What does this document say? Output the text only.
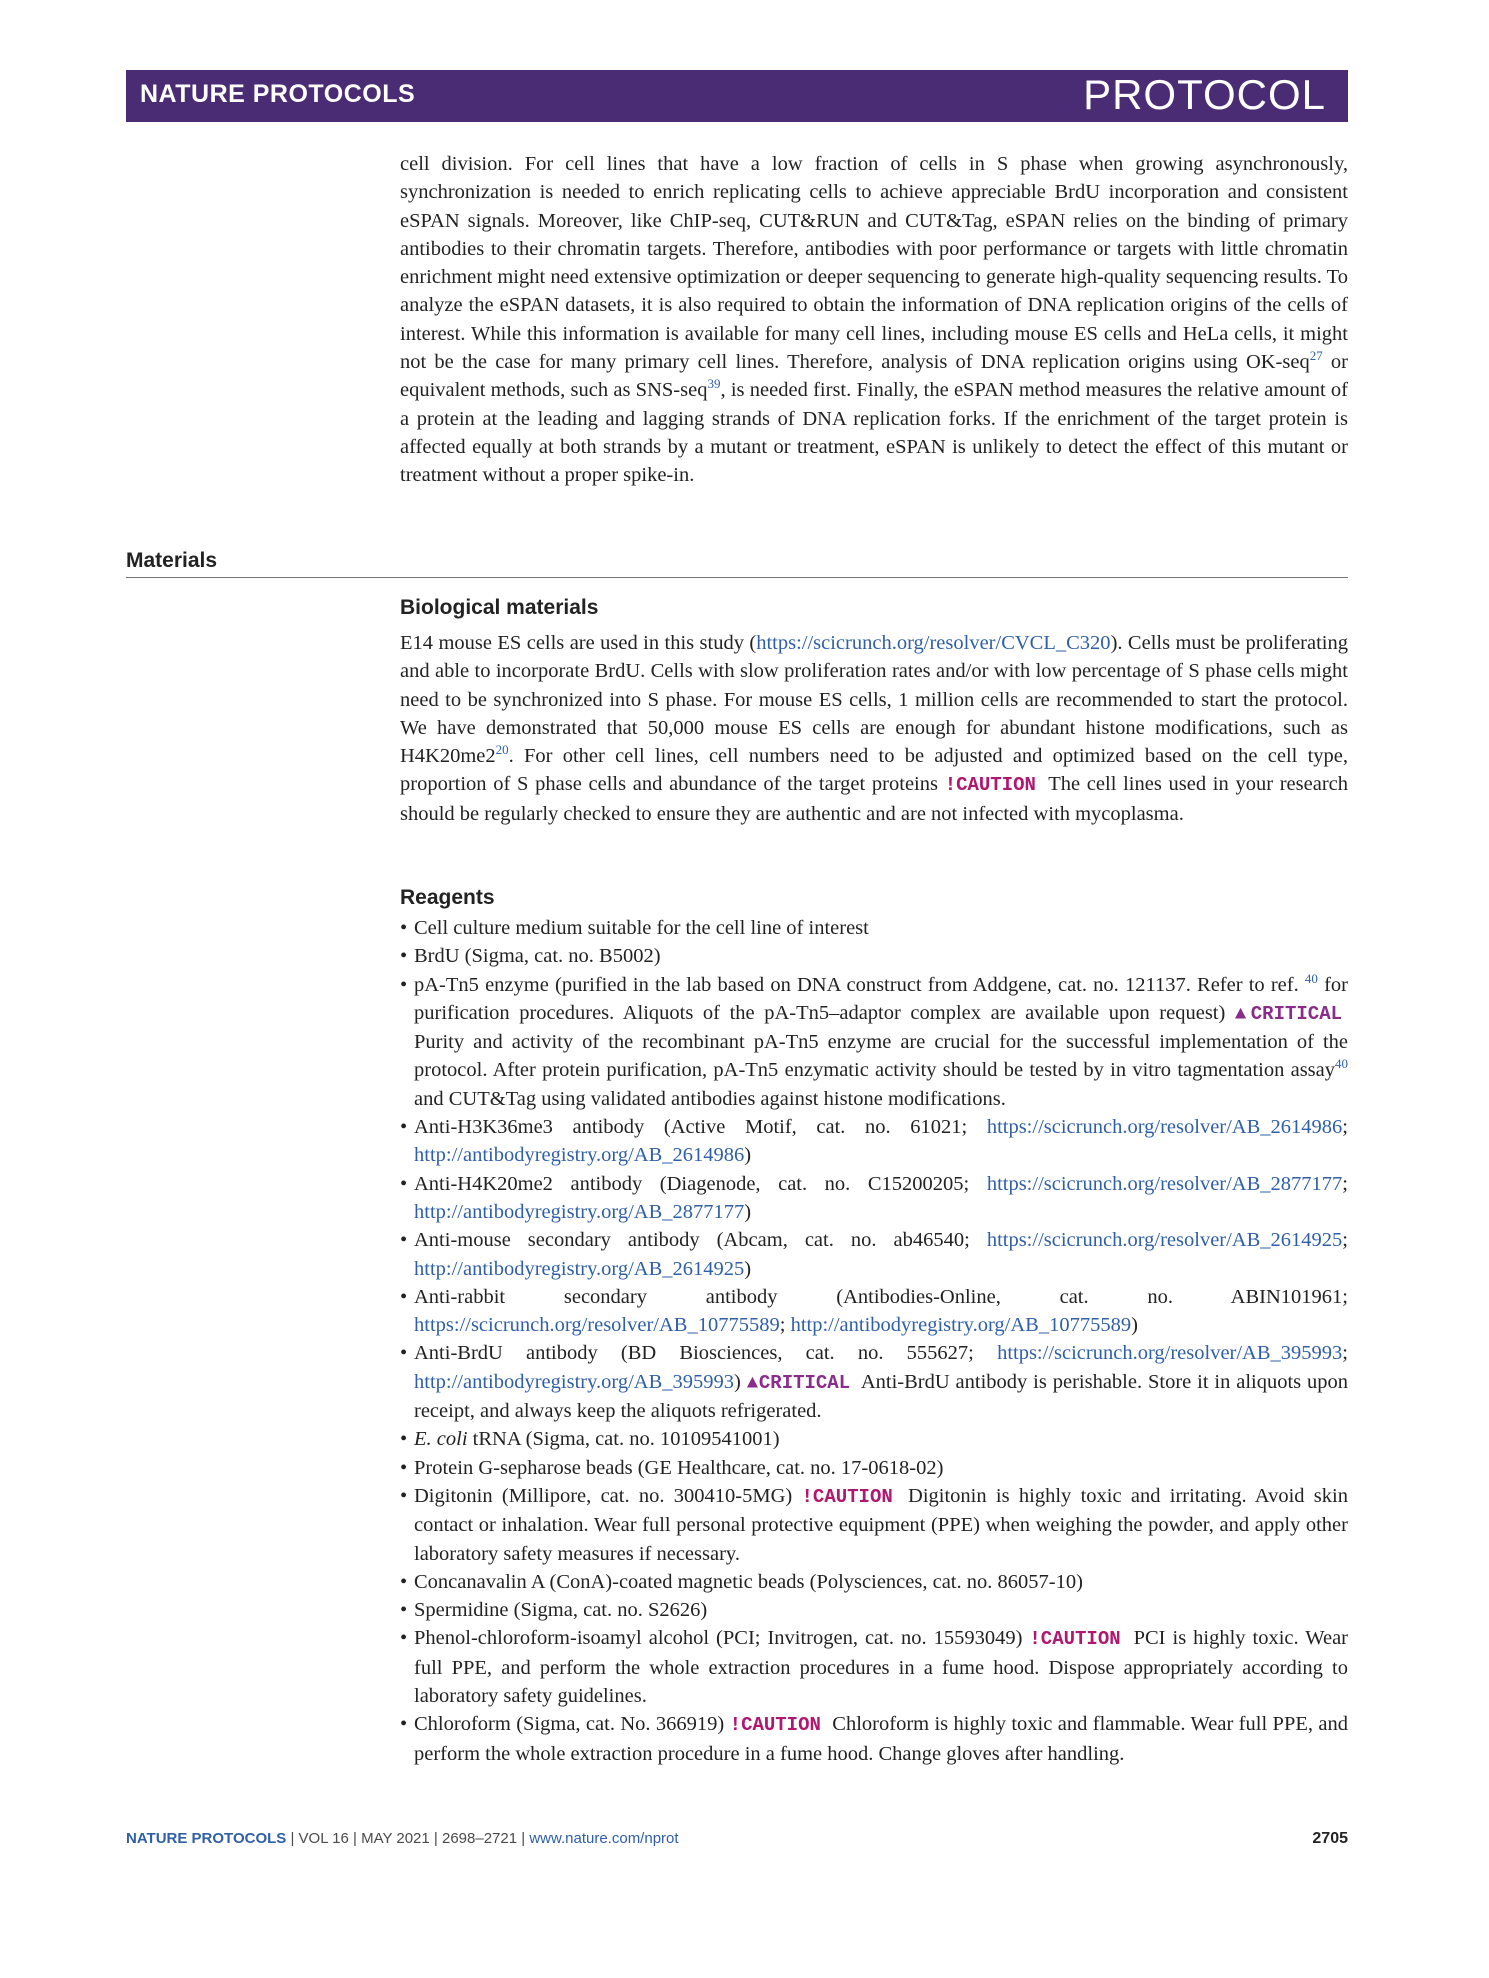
NATURE PROTOCOLS	PROTOCOL
cell division. For cell lines that have a low fraction of cells in S phase when growing asynchronously, synchronization is needed to enrich replicating cells to achieve appreciable BrdU incorporation and consistent eSPAN signals. Moreover, like ChIP-seq, CUT&RUN and CUT&Tag, eSPAN relies on the binding of primary antibodies to their chromatin targets. Therefore, antibodies with poor performance or targets with little chromatin enrichment might need extensive optimization or deeper sequencing to generate high-quality sequencing results. To analyze the eSPAN datasets, it is also required to obtain the information of DNA replication origins of the cells of interest. While this information is available for many cell lines, including mouse ES cells and HeLa cells, it might not be the case for many primary cell lines. Therefore, analysis of DNA replication origins using OK-seq$^{27}$ or equivalent methods, such as SNS-seq$^{39}$, is needed first. Finally, the eSPAN method measures the relative amount of a protein at the leading and lagging strands of DNA replication forks. If the enrichment of the target protein is affected equally at both strands by a mutant or treatment, eSPAN is unlikely to detect the effect of this mutant or treatment without a proper spike-in.
Materials
Biological materials
E14 mouse ES cells are used in this study (https://scicrunch.org/resolver/CVCL_C320). Cells must be proliferating and able to incorporate BrdU. Cells with slow proliferation rates and/or with low percentage of S phase cells might need to be synchronized into S phase. For mouse ES cells, 1 million cells are recommended to start the protocol. We have demonstrated that 50,000 mouse ES cells are enough for abundant histone modifications, such as $H4K20me2^{20}$. For other cell lines, cell numbers need to be adjusted and optimized based on the cell type, proportion of S phase cells and abundance of the target proteins !CAUTION The cell lines used in your research should be regularly checked to ensure they are authentic and are not infected with mycoplasma.
Reagents
• Cell culture medium suitable for the cell line of interest
• BrdU (Sigma, cat. no. B5002)
• pA-Tn5 enzyme (purified in the lab based on DNA construct from Addgene, cat. no. 121137. Refer to ref. $^{40}$ for purification procedures. Aliquots of the pA-Tn5–adaptor complex are available upon request) ▲CRITICAL Purity and activity of the recombinant pA-Tn5 enzyme are crucial for the successful implementation of the protocol. After protein purification, pA-Tn5 enzymatic activity should be tested by in vitro tagmentation assay$^{40}$ and CUT&Tag using validated antibodies against histone modifications.
• Anti-H3K36me3 antibody (Active Motif, cat. no. 61021; https://scicrunch.org/resolver/AB_2614986; http://antibodyregistry.org/AB_2614986)
• Anti-H4K20me2 antibody (Diagenode, cat. no. C15200205; https://scicrunch.org/resolver/AB_2877177; http://antibodyregistry.org/AB_2877177)
• Anti-mouse secondary antibody (Abcam, cat. no. ab46540; https://scicrunch.org/resolver/AB_2614925; http://antibodyregistry.org/AB_2614925)
• Anti-rabbit secondary antibody (Antibodies-Online, cat. no. ABIN101961; https://scicrunch.org/resolver/AB_10775589; http://antibodyregistry.org/AB_10775589)
• Anti-BrdU antibody (BD Biosciences, cat. no. 555627; https://scicrunch.org/resolver/AB_395993; http://antibodyregistry.org/AB_395993) ▲CRITICAL Anti-BrdU antibody is perishable. Store it in aliquots upon receipt, and always keep the aliquots refrigerated.
• E. coli tRNA (Sigma, cat. no. 10109541001)
• Protein G-sepharose beads (GE Healthcare, cat. no. 17-0618-02)
• Digitonin (Millipore, cat. no. 300410-5MG) !CAUTION Digitonin is highly toxic and irritating. Avoid skin contact or inhalation. Wear full personal protective equipment (PPE) when weighing the powder, and apply other laboratory safety measures if necessary.
• Concanavalin A (ConA)-coated magnetic beads (Polysciences, cat. no. 86057-10)
• Spermidine (Sigma, cat. no. S2626)
• Phenol-chloroform-isoamyl alcohol (PCI; Invitrogen, cat. no. 15593049) !CAUTION PCI is highly toxic. Wear full PPE, and perform the whole extraction procedures in a fume hood. Dispose appropriately according to laboratory safety guidelines.
• Chloroform (Sigma, cat. No. 366919) !CAUTION Chloroform is highly toxic and flammable. Wear full PPE, and perform the whole extraction procedure in a fume hood. Change gloves after handling.
NATURE PROTOCOLS | VOL 16 | MAY 2021 | 2698–2721 | www.nature.com/nprot	2705
